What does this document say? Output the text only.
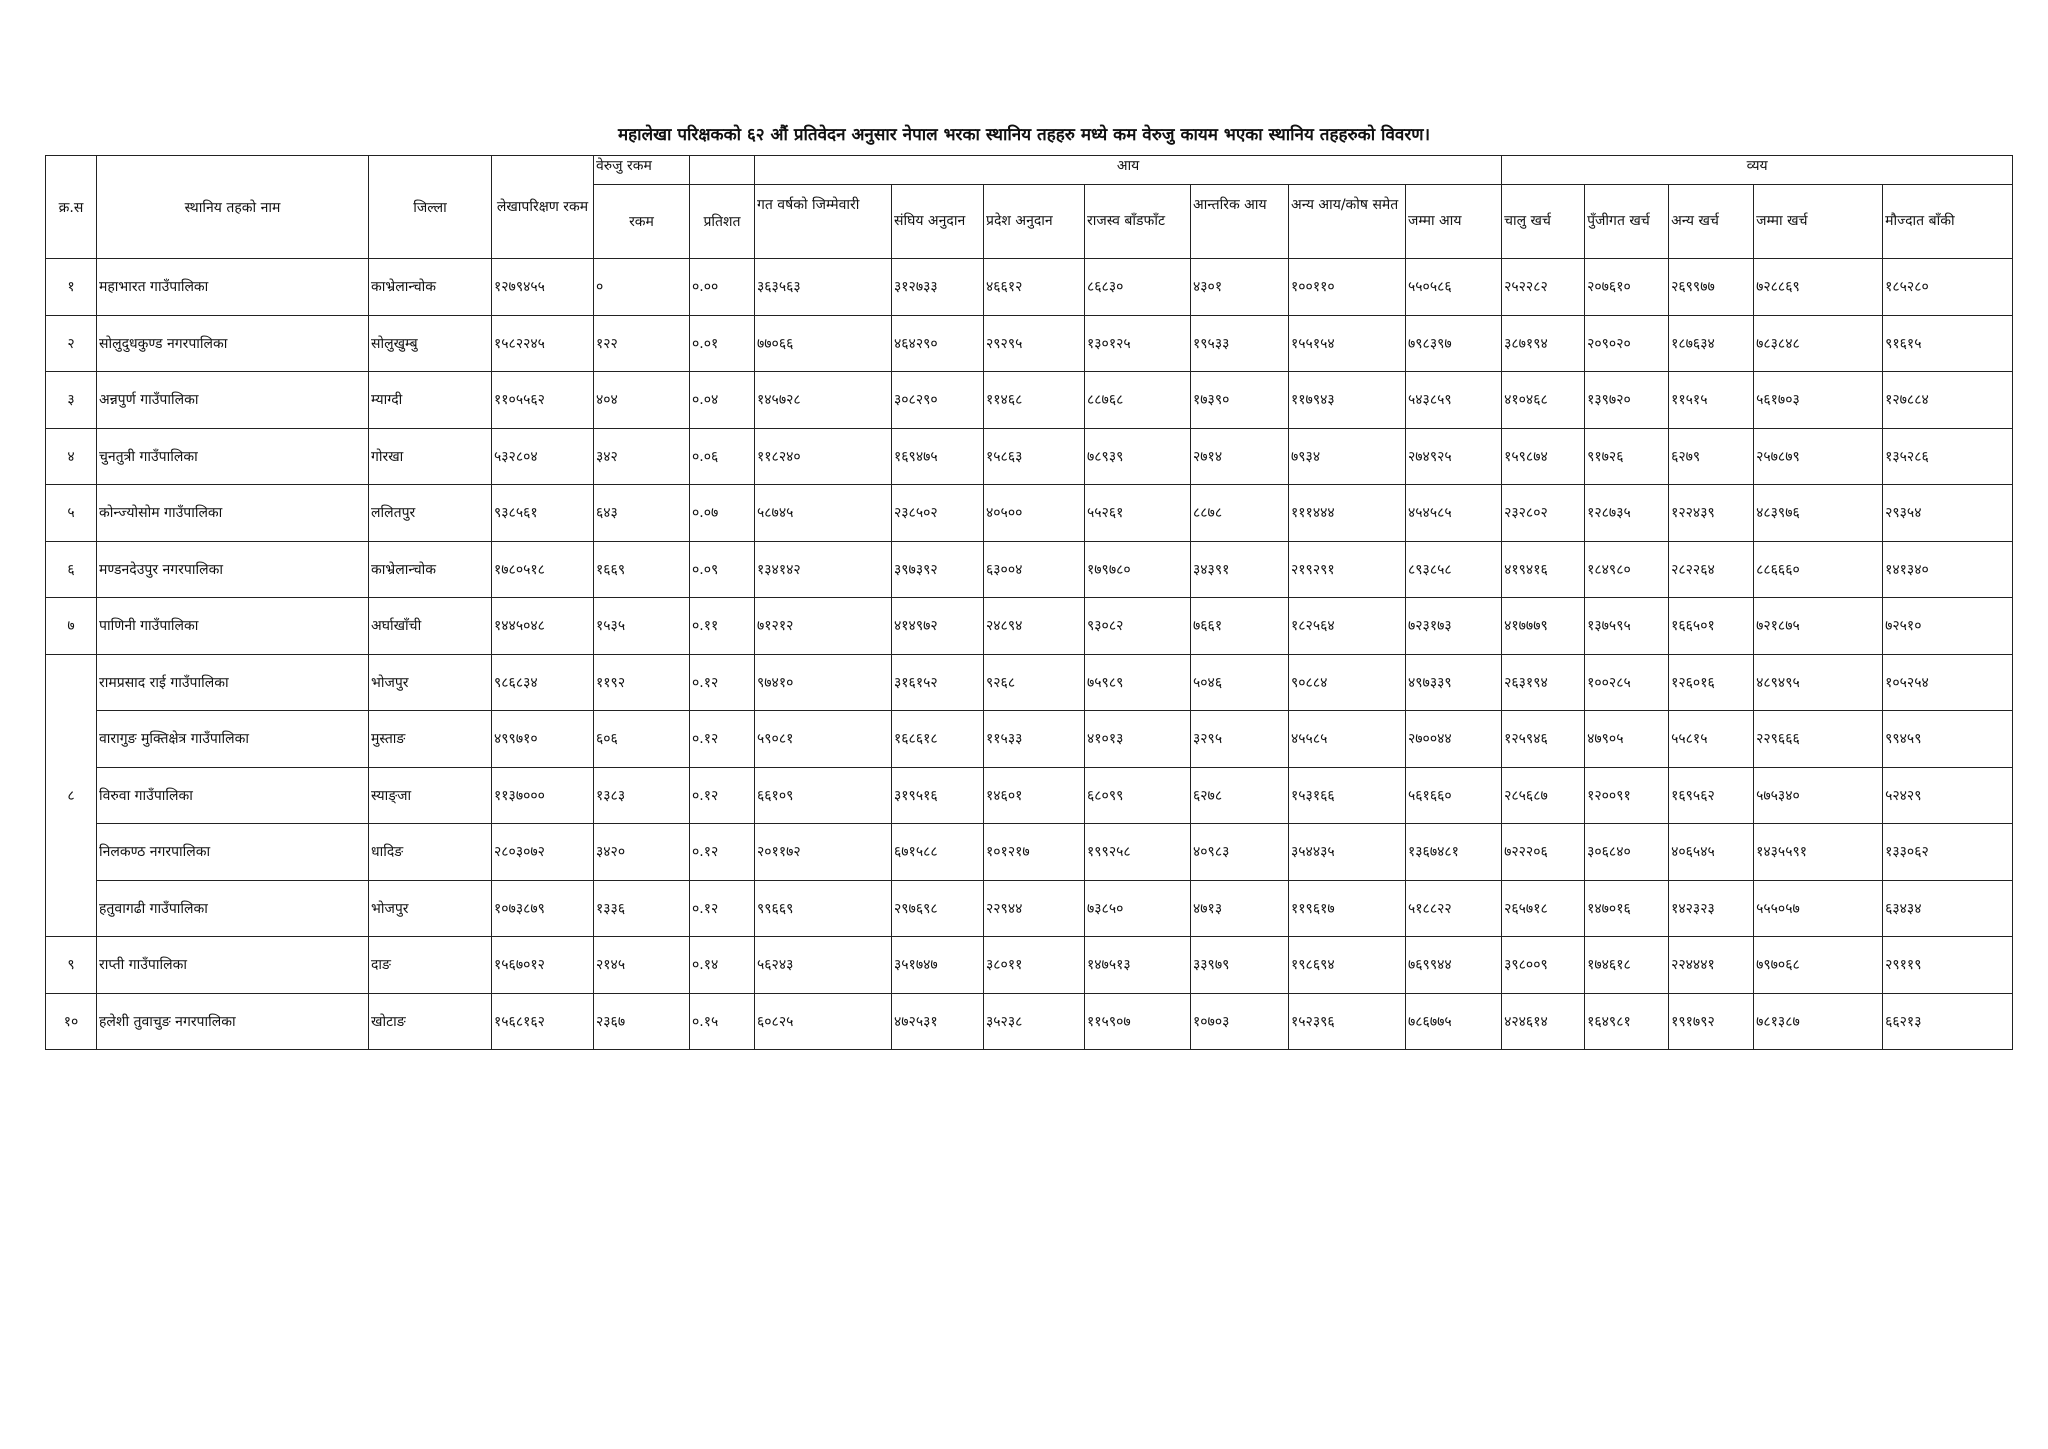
महालेखा परिक्षकको ६२ औं प्रतिवेदन अनुसार नेपाल भरका स्थानिय तहहरु मध्ये कम वेरुजु कायम भएका स्थानिय तहहरुको विवरण।
क्र.स	स्थानिय तहको नाम	जिल्ला	लेखापरिक्षण रकम	वेरुजु रकम		आय							व्यय				
				रकम	प्रतिशत	गत वर्षको जिम्मेवारी	संघिय अनुदान	प्रदेश अनुदान	राजस्व बाँडफाँट	आन्तरिक आय	अन्य आय/कोष समेत	जम्मा आय	चालु खर्च	पुँजीगत खर्च	अन्य खर्च	जम्मा खर्च	मौज्दात बाँकी
१	महाभारत गाउँपालिका	काभ्रेलान्चोक	१२७९४५५	०	०.००	३६३५६३	३१२७३३	४६६१२	८६८३०	४३०१	१००११०	५५०५८६	२५२२८२	२०७६१०	२६९९७७	७२८८६९	१८५२८०
२	सोलुदुधकुण्ड नगरपालिका	सोलुखुम्बु	१५८२२४५	१२२	०.०१	७७०६६	४६४२९०	२९२९५	१३०१२५	१९५३३	१५५१५४	७९८३९७	३८७१९४	२०९०२०	१८७६३४	७८३८४८	९१६१५
३	अन्नपुर्ण गाउँपालिका	म्याग्दी	११०५५६२	४०४	०.०४	१४५७२८	३०८२९०	११४६८	८८७६८	१७३९०	११७९४३	५४३८५९	४१०४६८	१३९७२०	११५१५	५६१७०३	१२७८८४
४	चुनतुत्री गाउँपालिका	गोरखा	५३२८०४	३४२	०.०६	११८२४०	१६९४७५	१५८६३	७८९३९	२७१४	७९३४	२७४९२५	१५९८७४	९१७२६	६२७९	२५७८७९	१३५२८६
५	कोन्ज्योसोम गाउँपालिका	ललितपुर	९३८५६१	६४३	०.०७	५८७४५	२३८५०२	४०५००	५५२६१	८८७८	१११४४४	४५४५८५	२३२८०२	१२८७३५	१२२४३९	४८३९७६	२९३५४
६	मण्डनदेउपुर नगरपालिका	काभ्रेलान्चोक	१७८०५१८	१६६९	०.०९	१३४१४२	३९७३९२	६३००४	१७९७८०	३४३९१	२१९२९१	८९३८५८	४१९४१६	१८४९८०	२८२२६४	८८६६६०	१४१३४०
७	पाणिनी गाउँपालिका	अर्घाखाँची	१४४५०४८	१५३५	०.११	७१२१२	४१४९७२	२४८९४	९३०८२	७६६१	१८२५६४	७२३१७३	४१७७७९	१३७५९५	१६६५०१	७२१८७५	७२५१०
८	रामप्रसाद राई गाउँपालिका	भोजपुर	९८६८३४	११९२	०.१२	९७४१०	३१६१५२	९२६८	७५९८९	५०४६	९०८८४	४९७३३९	२६३१९४	१००२८५	१२६०१६	४८९४९५	१०५२५४
	वारागुङ मुक्तिक्षेत्र गाउँपालिका	मुस्ताङ	४९९७१०	६०६	०.१२	५९०८१	१६८६१८	११५३३	४१०१३	३२९५	४५५८५	२७००४४	१२५९४६	४७९०५	५५८१५	२२९६६६	९९४५९
	विरुवा गाउँपालिका	स्याङ्जा	११३७०००	१३८३	०.१२	६६१०९	३१९५१६	१४६०१	६८०९९	६२७८	१५३१६६	५६१६६०	२८५६८७	१२००९१	१६९५६२	५७५३४०	५२४२९
	निलकण्ठ नगरपालिका	धादिङ	२८०३०७२	३४२०	०.१२	२०११७२	६७१५८८	१०१२१७	१९९२५८	४०९८३	३५४४३५	१३६७४८१	७२२२०६	३०६८४०	४०६५४५	१४३५५९१	१३३०६२
	हतुवागढी गाउँपालिका	भोजपुर	१०७३८७९	१३३६	०.१२	९९६६९	२९७६९८	२२९४४	७३८५०	४७१३	११९६१७	५१८८२२	२६५७१८	१४७०१६	१४२३२३	५५५०५७	६३४३४
९	राप्ती गाउँपालिका	दाङ	१५६७०१२	२१४५	०.१४	५६२४३	३५१७४७	३८०११	१४७५१३	३३९७९	१९८६९४	७६९९४४	३९८००९	१७४६१८	२२४४४१	७९७०६८	२९११९
१०	हलेशी तुवाचुङ नगरपालिका	खोटाङ	१५६८१६२	२३६७	०.१५	६०८२५	४७२५३१	३५२३८	११५९०७	१०७०३	१५२३९६	७८६७७५	४२४६१४	१६४९८१	१९१७९२	७८१३८७	६६२१३
